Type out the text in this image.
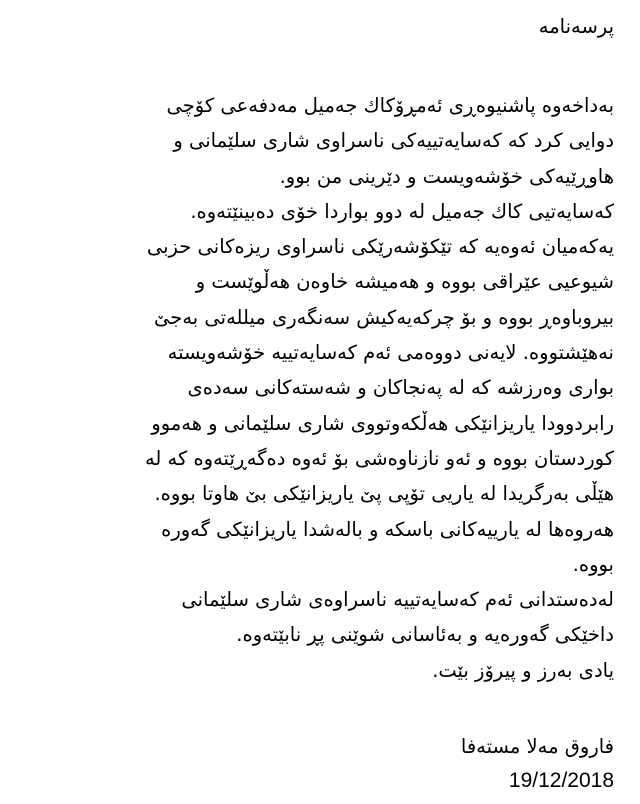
پرسەنامە

بەداخەوە پاشنیوەڕی ئەمڕۆکاك جەمیل مەدفەعی کۆچی

دوایی کرد کە کەسایەتییەکی ناسراوی شاری سلێمانی و

هاوڕێیەکی خۆشەویست و دێرینی من بوو.

کەسایەتیی کاك جەمیل لە دوو بواردا خۆی دەبینێتەوە.

یەکەمیان ئەوەیە کە تێکۆشەرێکی ناسراوی ریزەکانی حزبی

شیوعیی عێراقی بووە و هەمیشە خاوەن هەڵوێست و

بیروباوەڕ بووە و بۆ چرکەیەکیش سەنگەری میللەتی بەجێ

نەهێشتووە. لایەنی دووەمی ئەم کەسایەتییە خۆشەویستە

بواری وەرزشە کە لە پەنجاکان و شەستەکانی سەدەی

رابردوودا یاریزانێکی هەڵکەوتووی شاری سلێمانی و هەموو

کوردستان بووە و ئەو نازناوەشی بۆ ئەوە دەگەڕێتەوە کە لە

هێڵی بەرگریدا لە یاریی تۆپی پێ یاریزانێکی بێ هاوتا بووە.

هەروەها لە یارییەکانی باسکە و بالەشدا یاریزانێکی گەورە

بووە.

لەدەستدانی ئەم کەسایەتییە ناسراوەی شاری سلێمانی

داخێکی گەورەیە و بەئاسانی شوێنی پڕ نابێتەوە.

یادی بەرز و پیرۆز بێت.

فاروق مەلا مستەفا

19/12/2018
